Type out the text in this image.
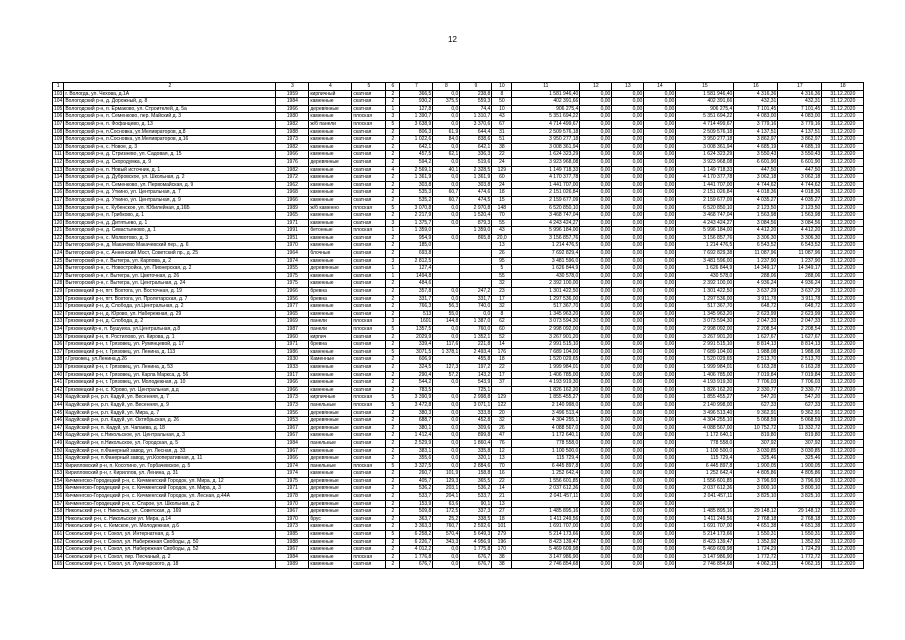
12
1	2	3	4	5	6	7	8	9	10	11	12	13	14	15	16	17	18
103	г. Вологда, ул. Чехова, д.1А	1959	кирпичный	скатная	2	366,5	0,0	238,8	8	1 581 946,40	0,00	0,00	0,00	1 581 946,40	4 316,36	4 316,36	31.12.2020
104	Вологодский р-н, д. Дорожный, д. 8	1984	каменные	скатная	2	930,2	375,5	559,3	50	402 391,66	0,00	0,00	0,00	402 391,66	432,31	432,31	31.12.2020
105	Вологодский р-н, п. Ермаково, ул. Строителей, д. 5а	1966	деревянные	скатная	1	127,8	0,0	74,4	10	906 275,4	0,00	0,00	0,00	906 275,4	7 101,45	7 101,45	31.12.2020
106	Вологодский р-н, п. Семенково, пер. Майский д. 3	1980	каменные	плоская	3	1 390,7	0,0	1 310,7	43	5 351 694,22	0,00	0,00	0,00	5 351 694,22	4 083,00	4 083,00	31.12.2020
107	Вологодский р-н, п. Фофанцево, д. 13	1982	ж/б панели	плоская	5	3 638,9	0,0	3 370,6	67	4 714 499,67	0,00	0,00	0,00	4 714 499,67	3 779,16	3 779,16	31.12.2020
108	Вологодский р-н, п.Сосновка, ул.Меливраторов, д.8	1988	каменные	скатная	2	806,3	61,9	644,4	31	2 509 576,18	0,00	0,00	0,00	2 509 576,18	4 137,51	4 137,51	31.12.2020
109	Вологодский р-н, п.Сосновка, ул.Меливраторов, д.16	1973	каменные	скатная	2	1 022,6	84,0	838,6	51	3 950 277,18	0,00	0,00	0,00	3 950 277,18	3 862,97	3 862,97	31.12.2020
110	Вологодский р-н, с. Новое, д. 3	1982	каменные	скатная	2	642,1	0,0	642,1	38	3 008 361,94	0,00	0,00	0,00	3 008 361,94	4 685,19	4 685,19	31.12.2020
111	Вологодский р-н, д. Стризнево, ул. Садовая, д. 15	1966	каменные	скатная	2	457,5	62,1	336,3	22	1 624 323,29	0,00	0,00	0,00	1 624 323,29	3 550,43	3 550,43	31.12.2020
112	Вологодский р-н, д. Скородумка, д. 9	1976	деревянные	скатная	2	594,2	0,0	519,6	24	3 923 968,08	0,00	0,00	0,00	3 923 968,08	6 601,90	6 601,90	31.12.2020
113	Вологодский р-н, п. Новый источник, д. 1	1982	каменные	скатная	4	2 569,1	40,1	2 328,5	129	1 149 718,33	0,00	0,00	0,00	1 149 718,33	447,50	447,50	31.12.2020
114	Вологодский р-н, д. Дубровское, ул. Школьная, д. 2	1972	каменные	скатная	2	1 361,9	0,0	1 361,9	60	4 170 377,78	0,00	0,00	0,00	4 170 377,78	3 062,18	3 062,18	31.12.2020
115	Вологодский р-н, п. Семенково, ул. Первомайская, д. 9	1962	каменные	скатная	2	303,8	0,0	303,8	24	1 441 707,00	0,00	0,00	0,00	1 441 707,00	4 744,62	4 744,62	31.12.2020
116	Вологодский р-н, д. Уткино, ул. Центральная, д. 7	1968	каменные	скатная	2	535,3	60,7	474,6	18	2 151 026,84	0,00	0,00	0,00	2 151 026,84	4 018,36	4 018,36	31.12.2020
117	Вологодский р-н, д. Уткино, ул. Центральная, д. 9	1966	каменные	скатная	2	535,2	60,7	474,5	15	2 159 677,09	0,00	0,00	0,00	2 159 677,09	4 035,27	4 035,27	31.12.2020
118	Вологодский р-н, с. Кубенское, ул. Юбилейная, д.16Б	1989	ж/б каменно	плоская	5	3 070,8	0,0	2 970,8	148	6 520 850,10	0,00	0,00	0,00	6 520 850,10	2 123,50	2 123,50	31.12.2020
119	Вологодский р-н, п. Грибково, д. 1	1965	каменные	скатная	2	2 217,9	0,0	1 520,4	70	3 468 747,04	0,00	0,00	0,00	3 468 747,04	1 563,98	1 563,98	31.12.2020
120	Вологодский р-н, д. Дитятьево, д. 1	1971	каменные	скатная	3	1 375,7	0,0	879,3	55	4 243 424,27	0,00	0,00	0,00	4 243 424,27	3 084,56	3 084,56	31.12.2020
121	Вологодский р-н, д. Севастьяново, д. 1	1991	бетонные	плоская	1	1 359,0		1 359,0	43	5 996 184,00	0,00	0,00	0,00	5 996 184,00	4 412,20	4 412,20	31.12.2020
122	Вологодский р-н, с. Молвотово, д. 3	1951	каменные	скатная	2	954,9	0,0	865,8	20,0	3 156 857,76	0,00	0,00	0,00	3 156 857,76	3 306,30	3 306,30	31.12.2020
123	Вытегорский р-н, д. Макачево Макачевский пер., д. 6	1970	каменные	скатная	2	185,0			13	1 214 476,5	0,00	0,00	0,00	1 214 476,5	6 543,52	6 543,52	31.12.2020
124	Вытегорский р-н, с. Анненский Мост, Советский пр., д. 25	1964	блочные	скатная	2	693,8			26	7 692 829,4	0,00	0,00	0,00	7 692 829,38	11 087,96	11 087,96	31.12.2020
125	Вытегорский р-н, г. Вытегра, ул. Карпова, д. 2	1974	каменные	скатная	3	2 812,5			95	3 481 596,0	0,00	0,00	0,00	3 481 596,00	1 237,90	1 237,90	31.12.2020
126	Вытегорский р-н, с. Новостройка, ул. Пионерская, д. 2	1955	деревянные	скатная	1	127,4			5	1 626 844,9	0,00	0,00	0,00	1 626 844,9	14 349,17	14 349,17	31.12.2020
127	Вытегорский р-н, г. Вытегра, ул. Цветочная, д. 26	1975	каменные	скатная	1	1494,8			55	430 578,0	0,00	0,00	0,00	430 578,0	288,06	288,06	31.12.2020
128	Вытегорский р-н, г. Вытегра, ул. Центральная, д. 24	1975	каменные	скатная	2	484,6			32	2 392 100,00	0,00	0,00	0,00	2 392 100,00	4 936,24	4 936,24	31.12.2020
129	Грязовецкий р-н, пгт. Вохтога, ул. Восточная, д. 19	1966	бревна	скатная	2	357,8	0,0	247,2	23	1 301 422,50	0,00	0,00	0,00	1 301 422,50	3 637,29	3 637,29	31.12.2020
130	Грязовецкий р-н, пгт. Вохтога, ул. Пролетарская, д. 7	1956	бревна	скатная	2	331,7	0,0	331,7	17	1 297 536,00	0,00	0,00	0,00	1 297 536,00	3 911,78	3 911,78	31.12.2020
131	Грязовецкий р-н, д. Слобода, ул.Центральная, д. 2	1977	каменные	скатная	2	766,3	56,3	740,0	32	517 367,70	0,00	0,00	0,00	517 367,70	648,72	648,72	31.12.2020
132	Грязовецкий р-н, д. Юрово, ул. Набережная, д. 29	1965	каменные	скатная	2	513	55,0	0,0	8	1 345 963,20	0,00	0,00	0,00	1 345 963,20	2 623,99	2 623,99	31.12.2020
133	Грязовецкий р-н, д. Слобода, д. 2	1969	панели	плоская	3	1601	144,8	1 387,0	62	3 073 594,30	0,00	0,00	0,00	3 073 594,30	2 047,33	2 047,33	31.12.2020
134	Грязовецкийр-н, п. Бушуиха, ул.Центральная, д.8	1987	панели	плоская	5	1357,5	0,0	760,0	60	2 998 092,00	0,00	0,00	0,00	2 998 092,00	2 208,54	2 208,54	31.12.2020
135	Грязовецкий р-н, п. Ростилово, ул. Кирова, д. 1	1960	кирпич	скатная	2	2029,9	0,0	1 352,1	52	3 267 901,20	0,00	0,00	0,00	3 267 901,20	1 627,67	1 627,67	31.12.2020
136	Грязовецкий р-н, г. Грязовец, ул. Румянцевой, д. 17	1971	бревна	скатная	2	339,4	117,6	221,8	14	2 991 515,10	0,00	0,00	0,00	2 991 515,10	8 814,13	8 814,13	31.12.2020
137	Грязовецкий р-н, г. Грязовец, ул. Ленина, д. 113	1986	каменные	скатная	5	3071,5	1 378,1	2 493,4	176	7 689 104,00	0,00	0,00	0,00	7 689 104,00	1 988,08	1 988,08	31.12.2020
138	г.Грязовец, ул.Ленина,д.26	1930	Каменные	скатная	2	606,9		455,8	18	1 520 029,65	0,00	0,00	0,00	1 520 029,65	2 513,70	2 513,70	31.12.2020
139	Грязовецкий р-н, г. Грязовец, ул. Ленина, д. 53	1933	каменные	скатная	2	324,5	127,3	197,2	22	1 999 984,01	0,00	0,00	0,00	1 999 984,01	6 163,28	6 163,28	31.12.2020
140	Грязовецкий р-н, г. Грязовец, ул. Карла Маркса, д. 56	1917	каменные	скатная	2	290,4	57,2	143,2	17	1 406 785,00	0,00	0,00	0,00	1 406 785,00	7 019,84	7 019,84	31.12.2020
141	Грязовецкий р-н, г. Грязовец, ул. Молодежная, д. 10	1966	каменные	скатная	2	544,2	0,0	543,9	37	4 193 919,30	0,00	0,00	0,00	4 193 919,30	7 706,03	7 706,03	31.12.2020
142	Грязовецкий р-н, с. Юрово, ул. Центральная, д.д	1966	каменные	скатная	2	783,5		725,1		1 826 162,20	0,00	0,00	0,00	1 826 162,20	2 330,77	2 330,77	31.12.2020
143	Кадуйский р-н, р.п. Кадуй, ул. Весенняя, д. 7	1973	кирпичные	плоская	5	3 390,9	0,0	2 998,8	129	1 855 455,27	0,00	0,00	0,00	1 855 455,27	547,20	547,20	31.12.2020
144	Кадуйский р-н, р.п. Кадуй, ул. Весенняя, д. 9	1973	панельные	плоская	5	3 472,8	0,0	3 071,1	122	2 140 998,0	0,00	0,00	0,00	2 140 998,00	627,33	627,33	31.12.2020
145	Кадуйский р-н, р.п. Кадуй, ул. Мира, д. 7	1956	деревянные	скатная	2	380,3	0,0	333,8	20	3 496 513,4	0,00	0,00	0,00	3 496 513,40	9 362,91	9 362,91	31.12.2020
146	Кадуйский р-н, р.п. Кадуй, ул. Октябрьская, д. 26	1953	деревянные	скатная	2	688,7	0,0	452,8	32	4 304 255,1	0,00	0,00	0,00	4 304 255,10	5 068,59	5 068,59	31.12.2020
147	Кадуйский р-н, п. Кадуй, ул. Чапаева, д. 18	1967	деревянные	скатная	2	380,1	0,0	309,6	26	4 088 567,0	0,00	0,00	0,00	4 088 567,00	10 752,72	11 332,72	31.12.2020
148	Кадуйский р-н, с.Никольское, ул. Центральная, д. 3	1967	каменные	скатная	2	1 412,4	0,0	899,8	47	1 172 640,1	0,00	0,00	0,00	1 172 640,1	819,80	819,80	31.12.2020
149	Кадуйский р-н, п.Никольское, ул. Городская, д. 5	1984	панельные	скатная	2	2 529,9	0,0	1 860,4	76	778 558,0	0,00	0,00	0,00	778 558,0	307,92	307,92	31.12.2020
150	Кадуйский р-н, п.Фанерный завод, ул. Лесная, д. 33	1967	каменные	скатная	2	383,1	0,0	335,8	12	1 100 500,0	0,00	0,00	0,00	1 100 500,0	3 030,85	3 030,85	31.12.2020
151	Кадуйский р-н, п.Фанерный завод, ул.Кооперативная, д. 11	1966	деревянные	скатная	2	355,6	0,0	320,1	13	115 729,4	0,00	0,00	0,00	115 729,4	325,46	325,46	31.12.2020
152	Кирилловский р-н, п. Косотино, ул. Горбачевское, д. 5	1974	панельные	плоская	5	3 327,5	0,0	2 884,6	70	6 445 897,8	0,00	0,00	0,00	6 445 897,8	1 900,05	1 900,05	31.12.2020
153	Кирилловский р-н, г. Кириллов, ул. Ленина, д. 31	1974	каменные	скатная	2	260,7	101,9	158,8	16	1 252 642,4	0,00	0,00	0,00	1 252 642,4	4 805,86	4 805,86	31.12.2020
154	Кичменгско-Городецкий р-н, с. Кичменгский Городок, ул. Мира, д. 12	1975	деревянные	скатная	2	405,7	129,3	365,5	22	1 556 601,85	0,00	0,00	0,00	1 556 601,85	3 796,93	3 796,93	31.12.2020
155	Кичменгско-Городецкий р-н, с. Кичменгский Городок, ул. Мира, д. 3	1971	деревянные	скатная	2	536,2	203,1	536,2	14	2 037 612,36	0,00	0,00	0,00	2 037 612,36	3 800,10	3 800,10	31.12.2020
156	Кичменгско-Городецкий р-н, с. Кичменгский Городок, ул. Лесная, д.44А	1978	деревянные	скатная	2	533,7	204,1	533,7	21	2 041 457,11	0,00	0,00	0,00	2 041 457,11	3 825,10	3 825,10	31.12.2020
157	Кичменгско-Городецкий р-н, с. Старое, ул. Школьная, д. 2	1970	деревянные	скатная	2	153,9	63,6	90,1	13		0,00	0,00	0,00				31.12.2020
158	Никольский р-н, г. Никольск, ул. Советская, д. 169	1967	деревянные	скатная	2	509,8	172,5	337,3	27	1 485 895,16	0,00	0,00	0,00	1 485 895,16	29 148,12	29 148,12	31.12.2020
159	Никольский р-н, с. Никольское ул. Мира, д.14	1970	брус	скатная	2	363,7	25,2	338,5	18	1 411 249,56	0,00	0,00	0,00	1 411 249,56	2 768,18	2 768,18	31.12.2020
160	Никольский р-н, с. Кемское, ул. Молодежная, д.6	1973	каменные	скатная	2	3 363,3	760,7	2 592,6	101	1 691 707,00	0,00	0,00	0,00	1 691 707,00	4 651,38	4 651,38	31.12.2020
161	Сокольский р-н, г. Сокол, ул. Интернатная, д. 5	1985	каменные	скатная	5	6 258,2	570,4	5 649,3	279	5 214 173,66	0,00	0,00	0,00	5 214 173,66	1 550,31	1 550,31	31.12.2020
162	Сокольский р-н, г. Сокол, ул. Набережная Свободы, д. 50	1988	каменные	скатная	2	6 226,7	343,3	4 956,9	196	8 423 139,47	0,00	0,00	0,00	8 423 139,47	1 352,92	1 352,92	31.12.2020
163	Сокольский р-н, г. Сокол, ул. Набережная Свободы, д. 52	1967	каменные	скатная	2	4 012,2	0,0	1 775,8	170	5 469 609,98	0,00	0,00	0,00	5 469 609,98	1 724,29	1 724,29	31.12.2020
164	Сокольский р-н, г. Сокол, пер. Песчаный, д. 2	1984	каменные	плоская	2	1 776,8	0,0	676,7	38	3 147 986,90	0,00	0,00	0,00	3 147 986,90	1 772,72	1 772,72	31.12.2020
165	Сокольский р-н, г. Сокол, ул. Луначарского, д. 18	1989	каменные	скатная	2	676,7	0,0	676,7	38	2 746 854,68	0,00	0,00	0,00	2 746 854,68	4 062,15	4 062,15	31.12.2020
